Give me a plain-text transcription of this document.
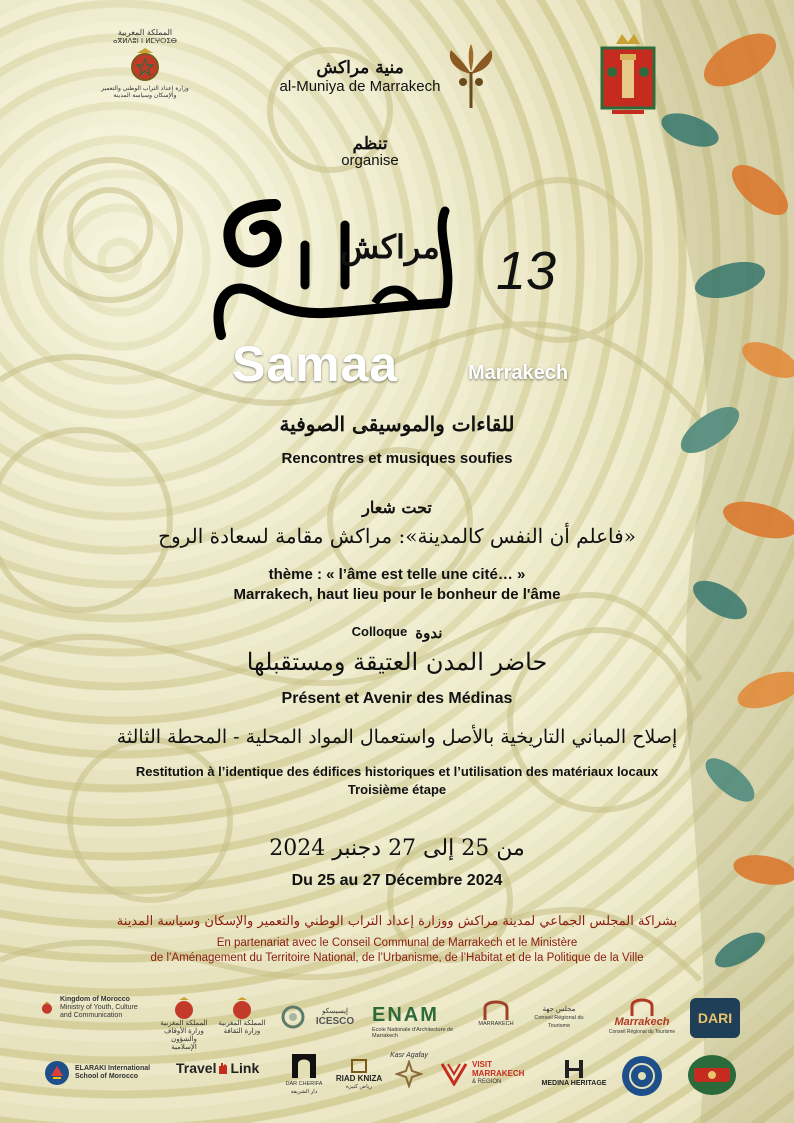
المملكة المغربية
ⴰⴳⵍⴷⵓⵏ ⵏ ⵍⵎⵖⵔⵉⴱ
وزارة إعداد التراب الوطني والتعمير والإسكان وسياسة المدينة
منية مراكش
al-Muniya de Marrakech
تنظم
organise
مراكش 13
Samaa	Marrakech
للقاءات والموسيقى الصوفية
Rencontres et musiques soufies
تحت شعار
«فاعلم أن النفس كالمدينة»: مراكش مقامة لسعادة الروح
thème : « l’âme est telle une cité… »
Marrakech, haut lieu pour le bonheur de l'âme
Colloque ندوة
حاضر المدن العتيقة ومستقبلها
Présent et Avenir des Médinas
إصلاح المباني التاريخية بالأصل واستعمال المواد المحلية - المحطة الثالثة
Restitution à l’identique des édifices historiques et l’utilisation des matériaux locaux
Troisième étape
من 25 إلى 27 دجنبر 2024
Du 25 au 27 Décembre 2024
بشراكة المجلس الجماعي لمدينة مراكش ووزارة إعداد التراب الوطني والتعمير والإسكان وسياسة المدينة
En partenariat avec le Conseil Communal de Marrakech et le Ministère
de l’Aménagement du Territoire National, de l’Urbanisme, de l’Habitat et de la Politique de la Ville
Kingdom of Morocco
Ministry of Youth, Culture and Communication
المملكة المغربية
وزارة الأوقاف والشؤون الإسلامية
المملكة المغربية
وزارة الثقافة
إيسيسكو
ICESCO ENAM
Ecole Nationale d'Architecture de Marrakech
MARRAKECH
مجلس جهة
Conseil Régional du Tourisme	Marrakech
Conseil Régional du Tourisme
DARI
ELARAKI International
School of Morocco
Travel Link
DAR CHERIFA
دار الشريفة
RIAD KNIZA
رياض كنيزة
Kasr Agafay
VISIT
MARRAKECH
& REGION	MEDINA HERITAGE
